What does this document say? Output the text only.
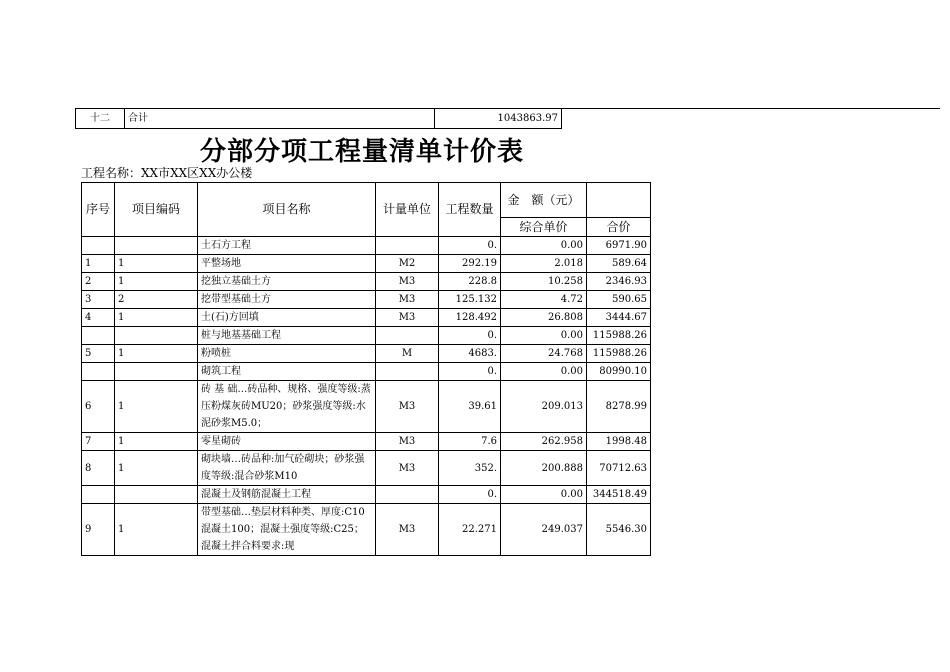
十二	合计	1043863.97
分部分项工程量清单计价表
工程名称：XX市XX区XX办公楼
序号	项目编码	项目名称	计量单位	工程数量	金　额（元）	
					综合单价	合价
		土石方工程		0.	0.00	6971.90
1	1	平整场地	M2	292.19	2.018	589.64
2	1	挖独立基础土方	M3	228.8	10.258	2346.93
3	2	挖带型基础土方	M3	125.132	4.72	590.65
4	1	土(石)方回填	M3	128.492	26.808	3444.67
		桩与地基基础工程		0.	0.00	115988.26
5	1	粉喷桩	M	4683.	24.768	115988.26
		砌筑工程		0.	0.00	80990.10
6	1	砖 基 础…砖品种、规格、强度等级:蒸压粉煤灰砖MU20；砂浆强度等级:水泥砂浆M5.0；	M3	39.61	209.013	8278.99
7	1	零星砌砖	M3	7.6	262.958	1998.48
8	1	砌块墙…砖品种:加气砼砌块；砂浆强度等级:混合砂浆M10	M3	352.	200.888	70712.63
		混凝土及钢筋混凝土工程		0.	0.00	344518.49
9	1	带型基础…垫层材料种类、厚度:C10混凝土100；混凝土强度等级:C25；混凝土拌合料要求:现	M3	22.271	249.037	5546.30
